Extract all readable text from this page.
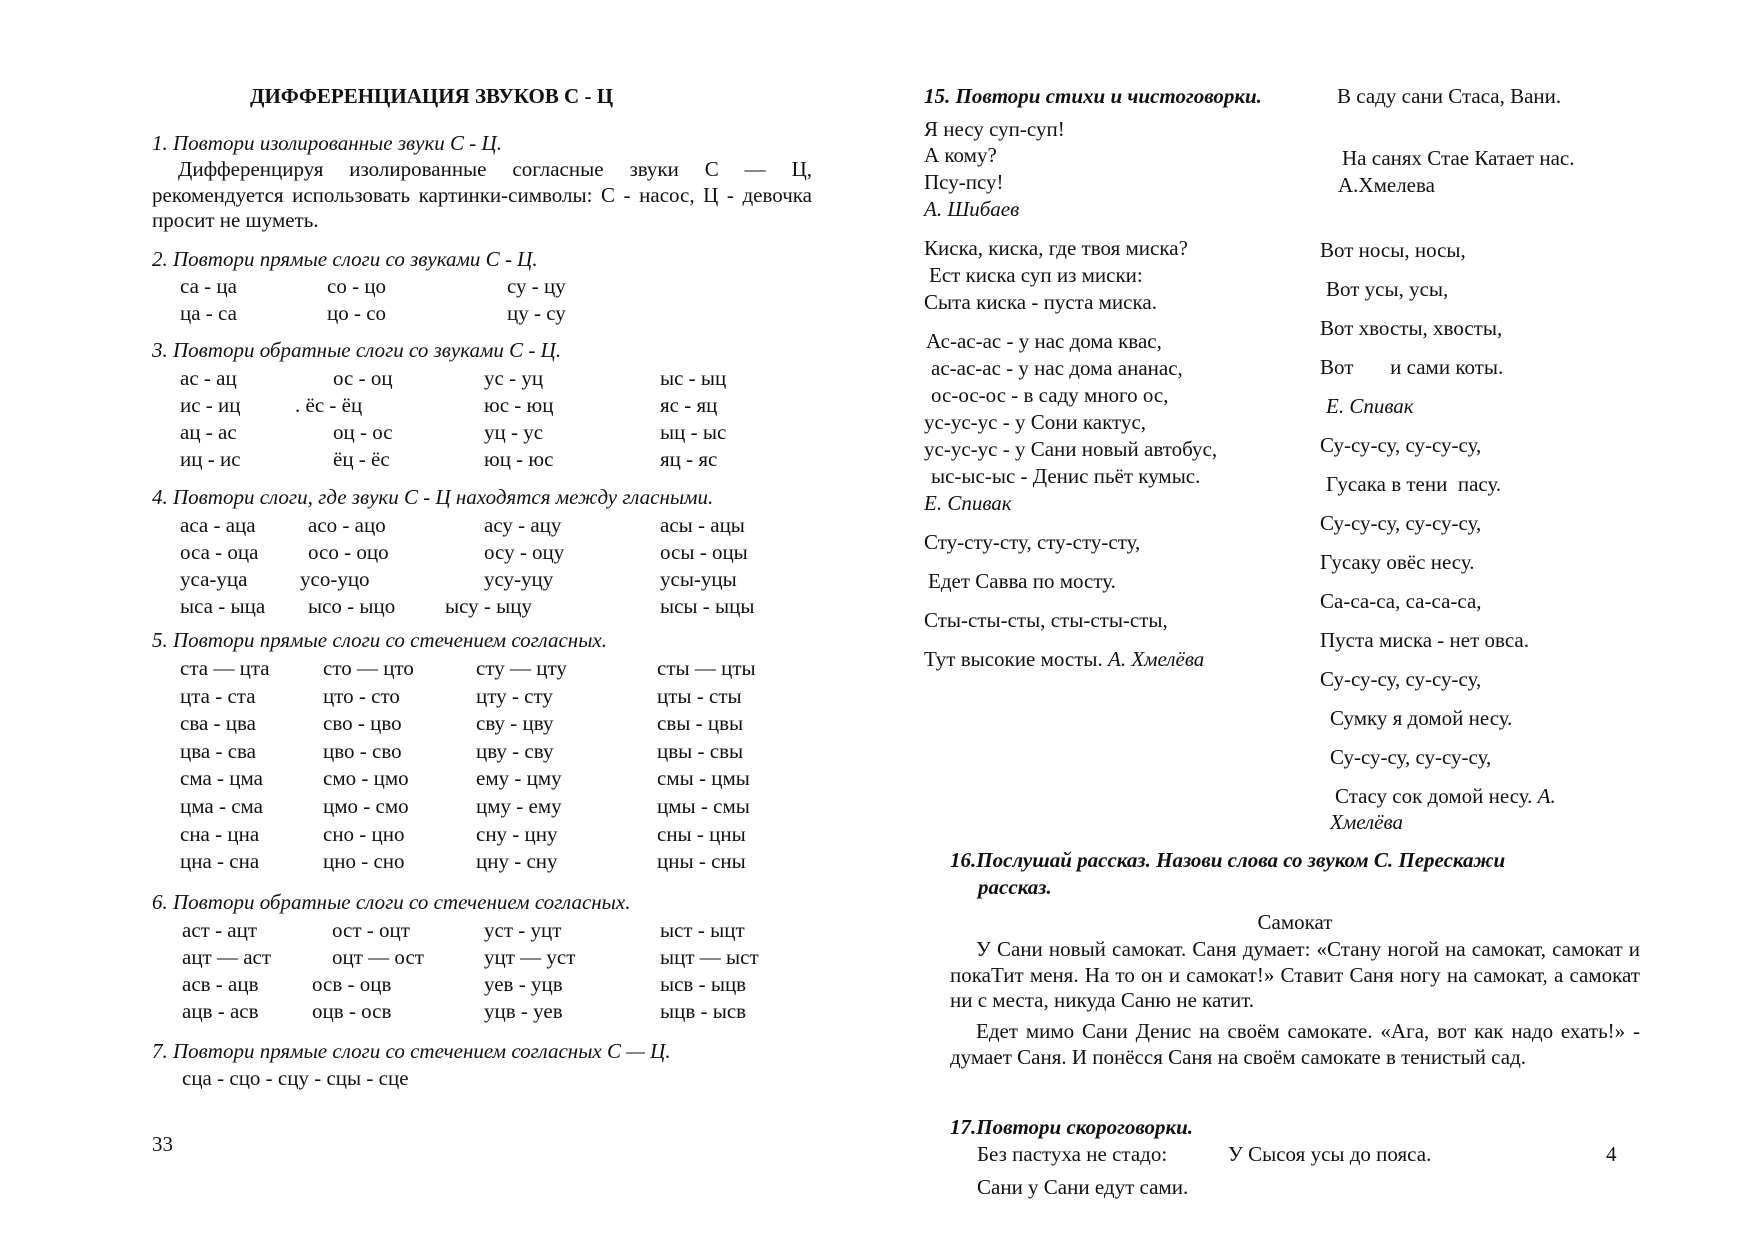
ДИФФЕРЕНЦИАЦИЯ ЗВУКОВ С - Ц
1. Повтори изолированные звуки С - Ц.
Дифференцируя изолированные согласные звуки С — Ц, рекомендуется использовать картинки-символы: С - насос, Ц - девочка просит не шуметь.
2. Повтори прямые слоги со звуками С - Ц.
са - ца	со - цо	су - цу
ца - са	цо - со	цу - су
3. Повтори обратные слоги со звуками С - Ц.
ас - ац	ос - оц	ус - уц	ыс - ыц
ис - иц	. ёс - ёц	юс - юц	яс - яц
ац - ас	оц - ос	уц - ус	ыц - ыс
иц - ис	ёц - ёс	юц - юс	яц - яс
4. Повтори слоги, где звуки С - Ц находятся между гласными.
аса - аца асо - ацо	асу - ацу	асы - ацы
оса - оца осо - оцо	осу - оцу	осы - оцы
уса-уца	усо-уцо	усу-уцу	усы-уцы
ыса - ыца ысо - ыцо ысу - ыцу	ысы - ыцы
5. Повтори прямые слоги со стечением согласных.
ста — цта	сто — цто	сту — цту	сты — цты
цта - ста	цто - сто	цту - сту	цты - сты
сва - цва	сво - цво	сву - цву	свы - цвы
цва - сва	цво - сво	цву - сву	цвы - свы
сма - цма	смо - цмо	ему - цму	смы - цмы
цма - сма	цмо - смо	цму - ему	цмы - смы
сна - цна	сно - цно	сну - цну	сны - цны
цна - сна	цно - сно	цну - сну	цны - сны
6. Повтори обратные слоги со стечением согласных.
аст - ацт	ост - оцт	уст - уцт	ыст - ыцт
ацт — аст	оцт — ост	уцт — уст	ыцт — ыст
асв - ацв	осв - оцв	уев - уцв	ысв - ыцв
ацв - асв	оцв - осв	уцв - уев	ыцв - ысв
7. Повтори прямые слоги со стечением согласных С — Ц.
сца - сцо - сцу - сцы - сце
33
15. Повтори стихи и чистоговорки.
Я несу суп-суп!
А кому?
Псу-псу!
А. Шибаев
В саду сани Стаса, Вани.
На санях Стае Катает нас.
А.Хмелева
Киска, киска, где твоя миска?
Ест киска суп из миски:
Сыта киска - пуста миска.
Ас-ас-ас - у нас дома квас,
ас-ас-ас - у нас дома ананас,
ос-ос-ос - в саду много ос,
ус-ус-ус - у Сони кактус,
ус-ус-ус - у Сани новый автобус,
ыс-ыс-ыс - Денис пьёт кумыс.
Е. Спивак
Сту-сту-сту, сту-сту-сту,
Едет Савва по мосту.
Сты-сты-сты, сты-сты-сты,
Тут высокие мосты. А. Хмелёва
Вот носы, носы,
Вот усы, усы,
Вот хвосты, хвосты,
Вот       и сами коты.
Е. Спивак
Су-су-су, су-су-су,
Гусака в тени  пасу.
Су-су-су, су-су-су,
Гусаку овёс несу.
Са-са-са, са-са-са,
Пуста миска - нет овса.
Су-су-су, су-су-су,
Сумку я домой несу.
Су-су-су, су-су-су,
Стасу сок домой несу. А.
Хмелёва
16.Послушай рассказ. Назови слова со звуком С. Перескажи
рассказ.
Самокат
У Сани новый самокат. Саня думает: «Стану ногой на самокат, самокат и покаТит меня. На то он и самокат!» Ставит Саня ногу на самокат, а самокат ни с места, никуда Саню не катит.
Едет мимо Сани Денис на своём самокате. «Ага, вот как надо ехать!» - думает Саня. И понёсся Саня на своём самокате в тенистый сад.
17.Повтори скороговорки.
Без пастуха не стадо:	У Сысоя усы до пояса.
Сани у Сани едут сами.
4
